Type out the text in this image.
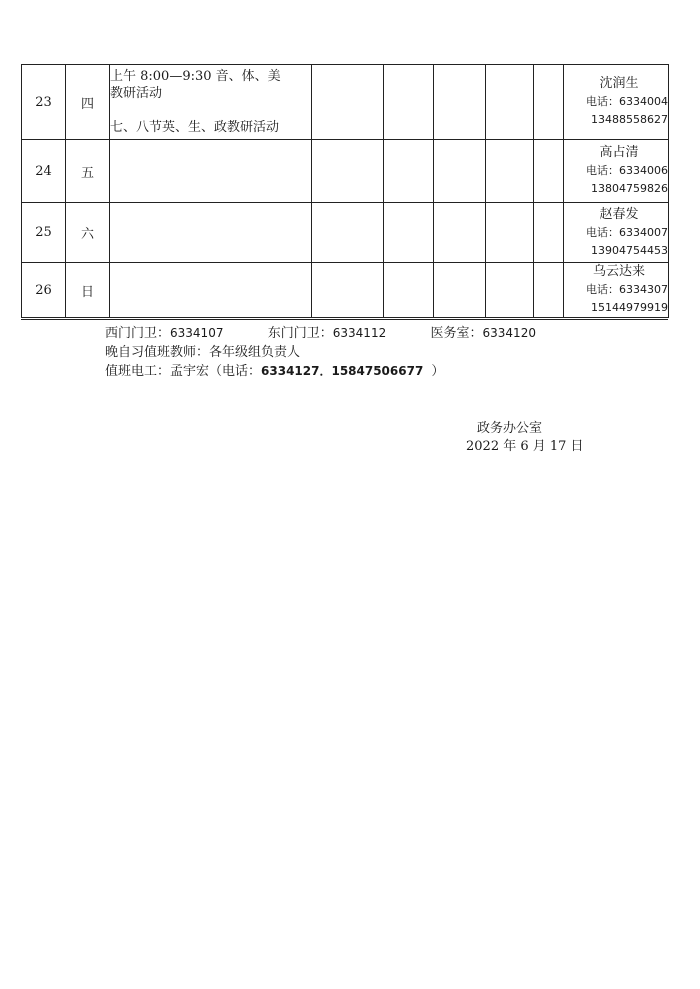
23	四	上午 8:00—9:30 音、体、美
教研活动
七、八节英、生、政教研活动						沈润生
电话：6334004
13488558627

24	五							高占清
电话：6334006
13804759826

25	六							赵春发
电话：6334007
13904754453

26	日							乌云达来
电话：6334307
15144979919
西门门卫：6334107	东门门卫：6334112	医务室：6334120
晚自习值班教师：各年级组负责人
值班电工：孟宇宏（电话：6334127．15847506677 ）
政务办公室
2022 年 6 月 17 日
